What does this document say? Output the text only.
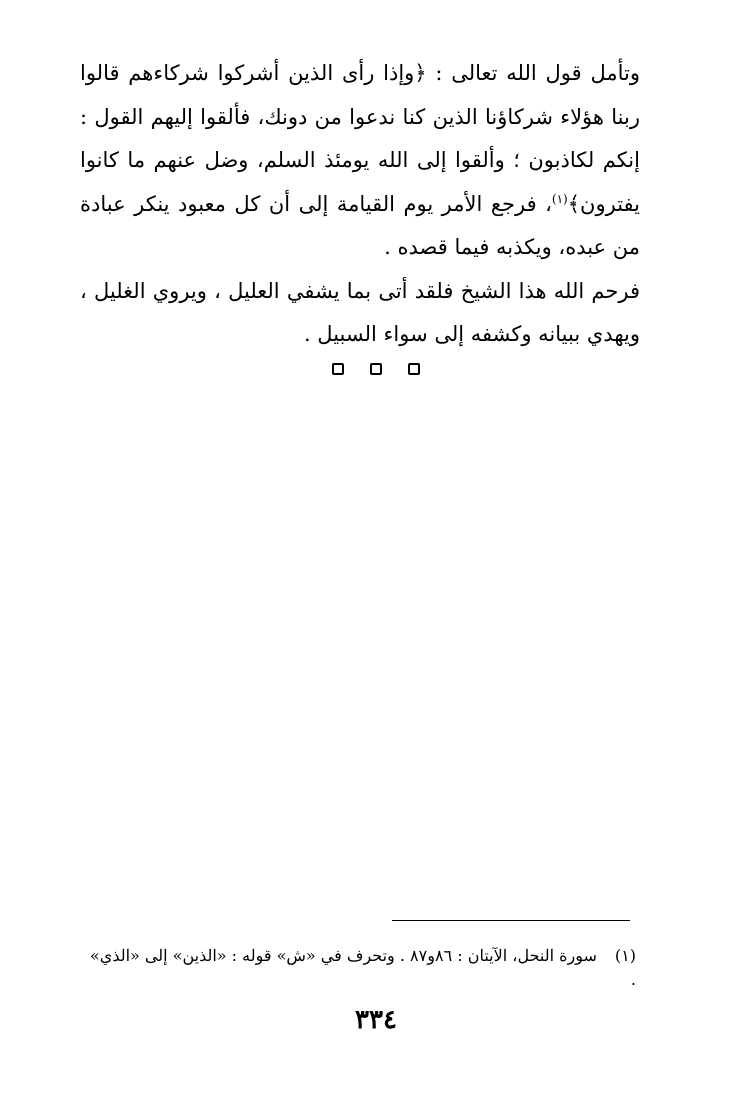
وتأمل قول الله تعالى : ﴿وإذا رأى الذين أشركوا شركاءهم قالوا ربنا هؤلاء شركاؤنا الذين كنا ندعوا من دونك، فألقوا إليهم القول : إنكم لكاذبون ؛ وألقوا إلى الله يومئذ السلم، وضل عنهم ما كانوا يفترون﴾$^{(١)}$، فرجع الأمر يوم القيامة إلى أن كل معبود ينكر عبادة من عبده، ويكذبه فيما قصده .

فرحم الله هذا الشيخ فلقد أتى بما يشفي العليل ، ويروي الغليل ، ويهدي ببيانه وكشفه إلى سواء السبيل .

(١)سورة النحل، الآيتان : ٨٦و٨٧ . وتحرف في «ش» قوله : «الذين» إلى «الذي» .
٣٣٤
